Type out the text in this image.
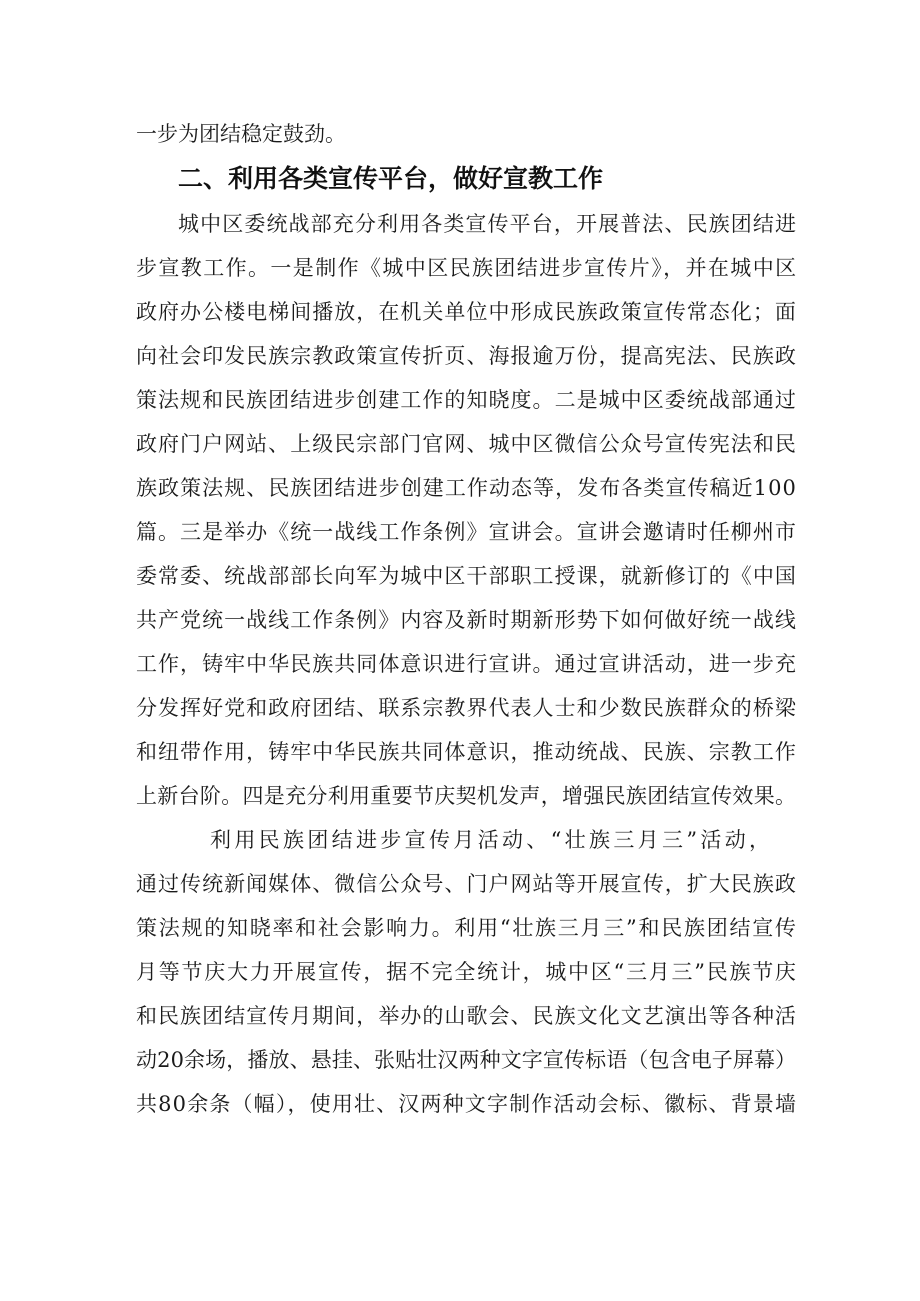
一步为团结稳定鼓劲。
二、利用各类宣传平台，做好宣教工作
城中区委统战部充分利用各类宣传平台，开展普法、民族团结进
步宣教工作。一是制作《城中区民族团结进步宣传片》，并在城中区
政府办公楼电梯间播放，在机关单位中形成民族政策宣传常态化；面
向社会印发民族宗教政策宣传折页、海报逾万份，提高宪法、民族政
策法规和民族团结进步创建工作的知晓度。二是城中区委统战部通过
政府门户网站、上级民宗部门官网、城中区微信公众号宣传宪法和民
族政策法规、民族团结进步创建工作动态等，发布各类宣传稿近100
篇。三是举办《统一战线工作条例》宣讲会。宣讲会邀请时任柳州市
委常委、统战部部长向军为城中区干部职工授课，就新修订的《中国
共产党统一战线工作条例》内容及新时期新形势下如何做好统一战线
工作，铸牢中华民族共同体意识进行宣讲。通过宣讲活动，进一步充
分发挥好党和政府团结、联系宗教界代表人士和少数民族群众的桥梁
和纽带作用，铸牢中华民族共同体意识，推动统战、民族、宗教工作
上新台阶。四是充分利用重要节庆契机发声，增强民族团结宣传效果。
利用民族团结进步宣传月活动、“壮族三月三”活动，
通过传统新闻媒体、微信公众号、门户网站等开展宣传，扩大民族政
策法规的知晓率和社会影响力。利用“壮族三月三”和民族团结宣传
月等节庆大力开展宣传，据不完全统计，城中区“三月三”民族节庆
和民族团结宣传月期间，举办的山歌会、民族文化文艺演出等各种活
动20余场，播放、悬挂、张贴壮汉两种文字宣传标语（包含电子屏幕）
共80余条（幅），使用壮、汉两种文字制作活动会标、徽标、背景墙
